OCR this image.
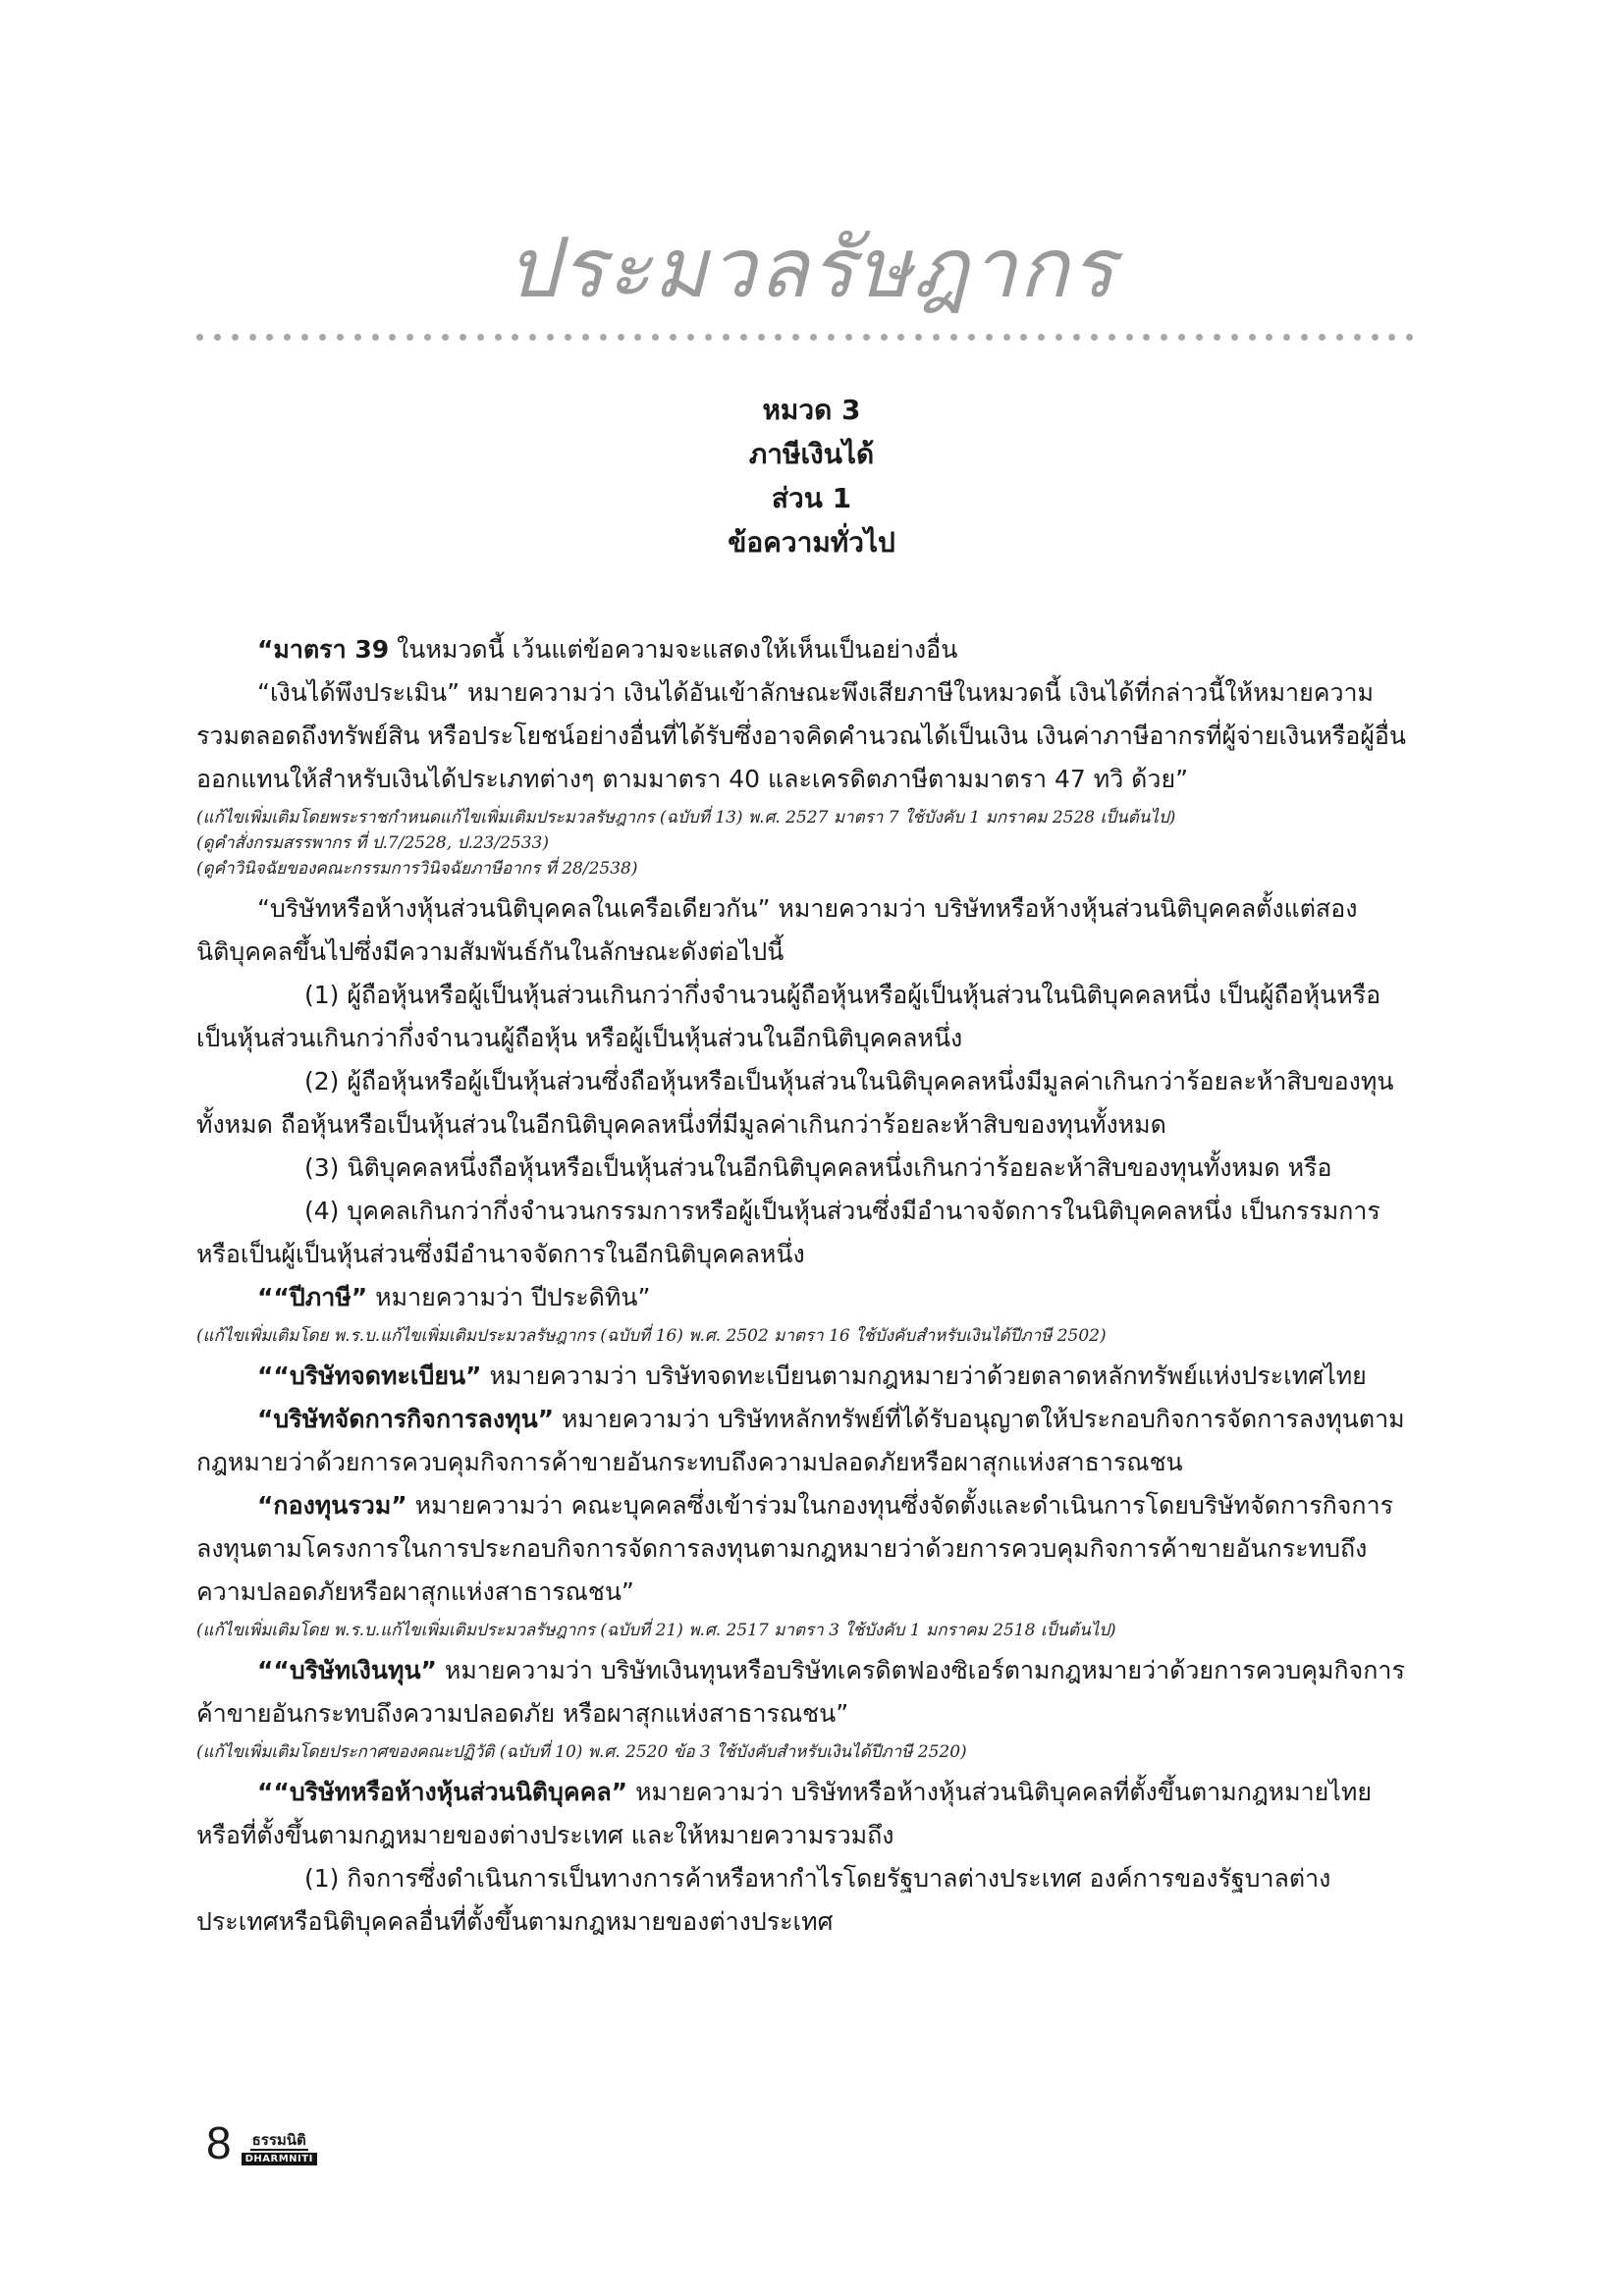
ประมวลรัษฎากร
หมวด 3
ภาษีเงินได้
ส่วน 1
ข้อความทั่วไป

“มาตรา 39 ในหมวดนี้ เว้นแต่ข้อความจะแสดงให้เห็นเป็นอย่างอื่น

“เงินได้พึงประเมิน” หมายความว่า เงินได้อันเข้าลักษณะพึงเสียภาษีในหมวดนี้ เงินได้ที่กล่าวนี้ให้หมายความรวมตลอดถึงทรัพย์สิน หรือประโยชน์อย่างอื่นที่ได้รับซึ่งอาจคิดคำนวณได้เป็นเงิน เงินค่าภาษีอากรที่ผู้จ่ายเงินหรือผู้อื่นออกแทนให้สำหรับเงินได้ประเภทต่างๆ ตามมาตรา 40 และเครดิตภาษีตามมาตรา 47 ทวิ ด้วย”

(แก้ไขเพิ่มเติมโดยพระราชกำหนดแก้ไขเพิ่มเติมประมวลรัษฎากร (ฉบับที่ 13) พ.ศ. 2527 มาตรา 7 ใช้บังคับ 1 มกราคม 2528 เป็นต้นไป)
(ดูคำสั่งกรมสรรพากร ที่ ป.7/2528, ป.23/2533)
(ดูคำวินิจฉัยของคณะกรรมการวินิจฉัยภาษีอากร ที่ 28/2538)

“บริษัทหรือห้างหุ้นส่วนนิติบุคคลในเครือเดียวกัน” หมายความว่า บริษัทหรือห้างหุ้นส่วนนิติบุคคลตั้งแต่สองนิติบุคคลขึ้นไปซึ่งมีความสัมพันธ์กันในลักษณะดังต่อไปนี้

(1) ผู้ถือหุ้นหรือผู้เป็นหุ้นส่วนเกินกว่ากึ่งจำนวนผู้ถือหุ้นหรือผู้เป็นหุ้นส่วนในนิติบุคคลหนึ่ง เป็นผู้ถือหุ้นหรือเป็นหุ้นส่วนเกินกว่ากึ่งจำนวนผู้ถือหุ้น หรือผู้เป็นหุ้นส่วนในอีกนิติบุคคลหนึ่ง

(2) ผู้ถือหุ้นหรือผู้เป็นหุ้นส่วนซึ่งถือหุ้นหรือเป็นหุ้นส่วนในนิติบุคคลหนึ่งมีมูลค่าเกินกว่าร้อยละห้าสิบของทุนทั้งหมด ถือหุ้นหรือเป็นหุ้นส่วนในอีกนิติบุคคลหนึ่งที่มีมูลค่าเกินกว่าร้อยละห้าสิบของทุนทั้งหมด

(3) นิติบุคคลหนึ่งถือหุ้นหรือเป็นหุ้นส่วนในอีกนิติบุคคลหนึ่งเกินกว่าร้อยละห้าสิบของทุนทั้งหมด หรือ

(4) บุคคลเกินกว่ากึ่งจำนวนกรรมการหรือผู้เป็นหุ้นส่วนซึ่งมีอำนาจจัดการในนิติบุคคลหนึ่ง เป็นกรรมการหรือเป็นผู้เป็นหุ้นส่วนซึ่งมีอำนาจจัดการในอีกนิติบุคคลหนึ่ง

““ปีภาษี” หมายความว่า ปีประดิทิน”

(แก้ไขเพิ่มเติมโดย พ.ร.บ.แก้ไขเพิ่มเติมประมวลรัษฎากร (ฉบับที่ 16) พ.ศ. 2502 มาตรา 16 ใช้บังคับสำหรับเงินได้ปีภาษี 2502)

““บริษัทจดทะเบียน” หมายความว่า บริษัทจดทะเบียนตามกฎหมายว่าด้วยตลาดหลักทรัพย์แห่งประเทศไทย

“บริษัทจัดการกิจการลงทุน” หมายความว่า บริษัทหลักทรัพย์ที่ได้รับอนุญาตให้ประกอบกิจการจัดการลงทุนตามกฎหมายว่าด้วยการควบคุมกิจการค้าขายอันกระทบถึงความปลอดภัยหรือผาสุกแห่งสาธารณชน

“กองทุนรวม” หมายความว่า คณะบุคคลซึ่งเข้าร่วมในกองทุนซึ่งจัดตั้งและดำเนินการโดยบริษัทจัดการกิจการลงทุนตามโครงการในการประกอบกิจการจัดการลงทุนตามกฎหมายว่าด้วยการควบคุมกิจการค้าขายอันกระทบถึงความปลอดภัยหรือผาสุกแห่งสาธารณชน”

(แก้ไขเพิ่มเติมโดย พ.ร.บ.แก้ไขเพิ่มเติมประมวลรัษฎากร (ฉบับที่ 21) พ.ศ. 2517 มาตรา 3 ใช้บังคับ 1 มกราคม 2518 เป็นต้นไป)

““บริษัทเงินทุน” หมายความว่า บริษัทเงินทุนหรือบริษัทเครดิตฟองซิเอร์ตามกฎหมายว่าด้วยการควบคุมกิจการค้าขายอันกระทบถึงความปลอดภัย หรือผาสุกแห่งสาธารณชน”

(แก้ไขเพิ่มเติมโดยประกาศของคณะปฏิวัติ (ฉบับที่ 10) พ.ศ. 2520 ข้อ 3 ใช้บังคับสำหรับเงินได้ปีภาษี 2520)

““บริษัทหรือห้างหุ้นส่วนนิติบุคคล” หมายความว่า บริษัทหรือห้างหุ้นส่วนนิติบุคคลที่ตั้งขึ้นตามกฎหมายไทย หรือที่ตั้งขึ้นตามกฎหมายของต่างประเทศ และให้หมายความรวมถึง

(1) กิจการซึ่งดำเนินการเป็นทางการค้าหรือหากำไรโดยรัฐบาลต่างประเทศ องค์การของรัฐบาลต่างประเทศหรือนิติบุคคลอื่นที่ตั้งขึ้นตามกฎหมายของต่างประเทศ

8 ธรรมนิติ
DHARMNITI
